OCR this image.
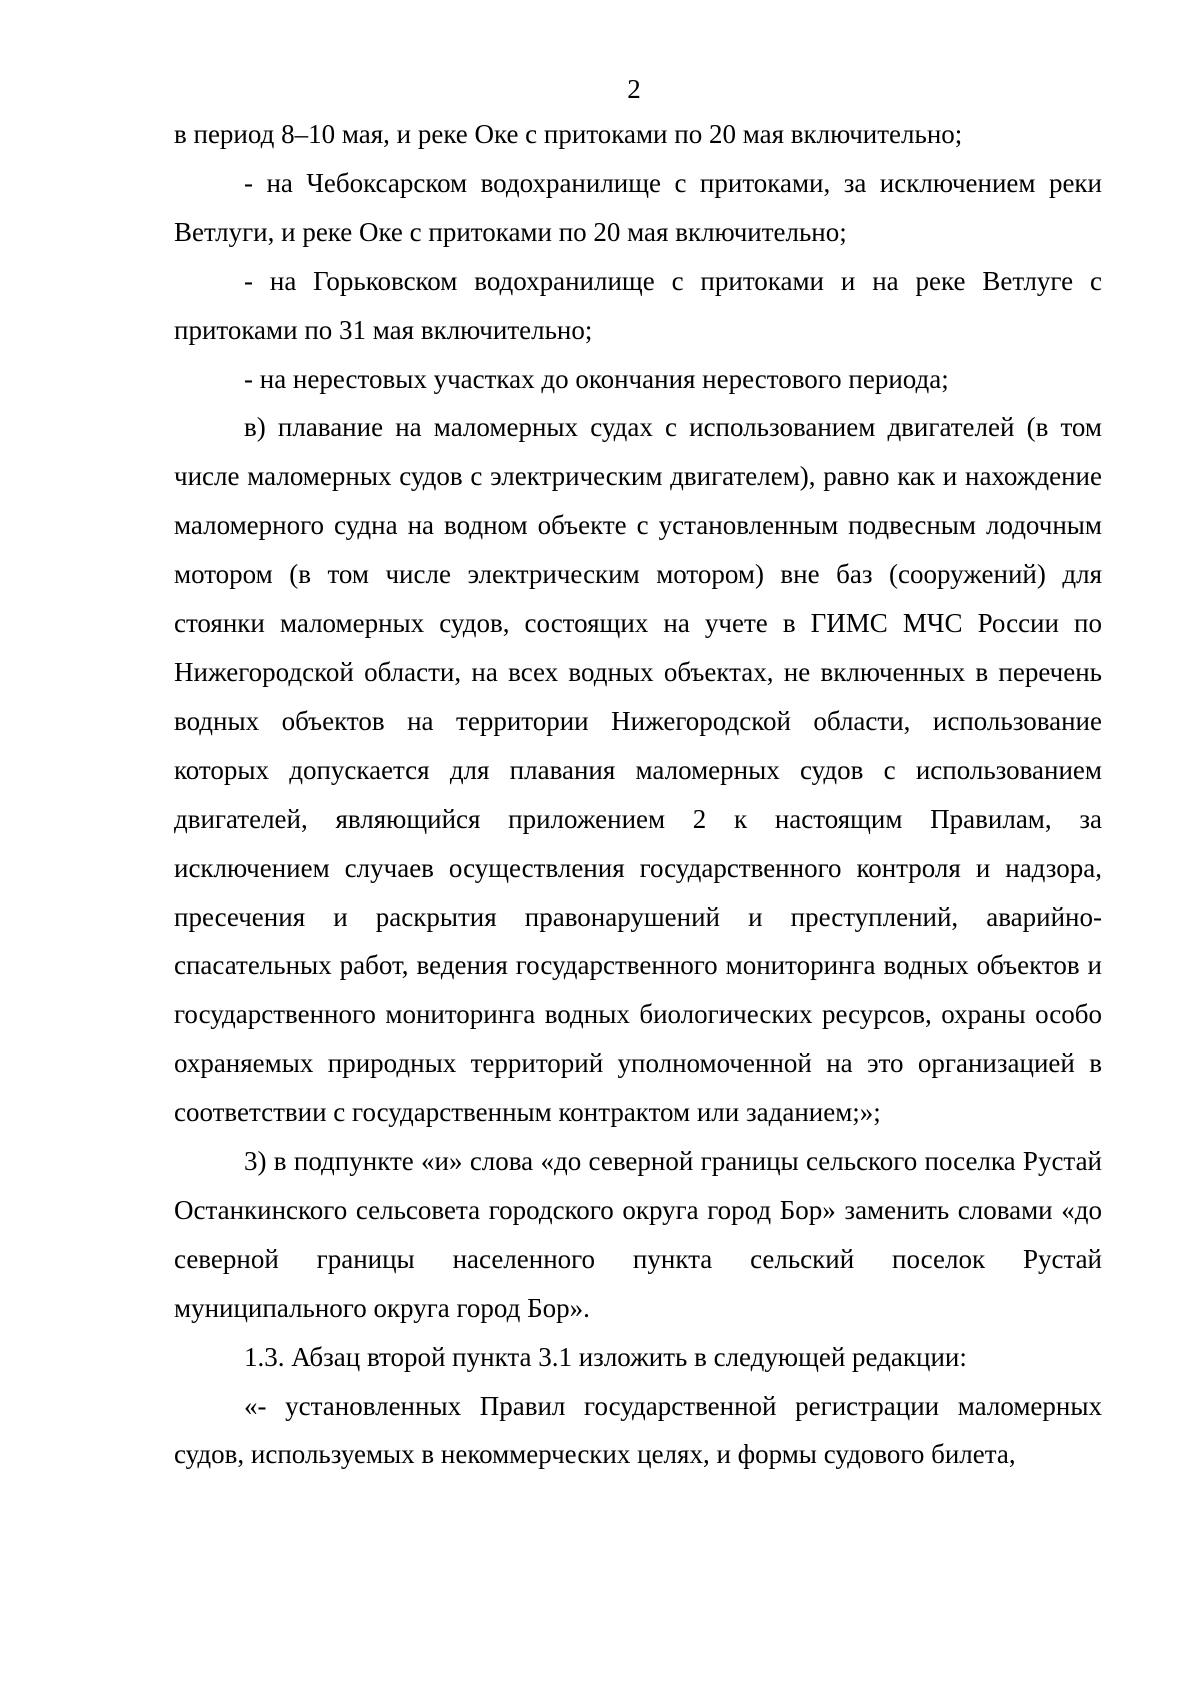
2

в период 8–10 мая, и реке Оке с притоками по 20 мая включительно;

- на Чебоксарском водохранилище с притоками, за исключением реки Ветлуги, и реке Оке с притоками по 20 мая включительно;

- на Горьковском водохранилище с притоками и на реке Ветлуге с притоками по 31 мая включительно;

- на нерестовых участках до окончания нерестового периода;

в) плавание на маломерных судах с использованием двигателей (в том числе маломерных судов с электрическим двигателем), равно как и нахождение маломерного судна на водном объекте с установленным подвесным лодочным мотором (в том числе электрическим мотором) вне баз (сооружений) для стоянки маломерных судов, состоящих на учете в ГИМС МЧС России по Нижегородской области, на всех водных объектах, не включенных в перечень водных объектов на территории Нижегородской области, использование которых допускается для плавания маломерных судов с использованием двигателей, являющийся приложением 2 к настоящим Правилам, за исключением случаев осуществления государственного контроля и надзора, пресечения и раскрытия правонарушений и преступлений, аварийно-спасательных работ, ведения государственного мониторинга водных объектов и государственного мониторинга водных биологических ресурсов, охраны особо охраняемых природных территорий уполномоченной на это организацией в соответствии с государственным контрактом или заданием;»;

3) в подпункте «и» слова «до северной границы сельского поселка Рустай Останкинского сельсовета городского округа город Бор» заменить словами «до северной границы населенного пункта сельский поселок Рустай муниципального округа город Бор».

1.3. Абзац второй пункта 3.1 изложить в следующей редакции:

«- установленных Правил государственной регистрации маломерных судов, используемых в некоммерческих целях, и формы судового билета,
